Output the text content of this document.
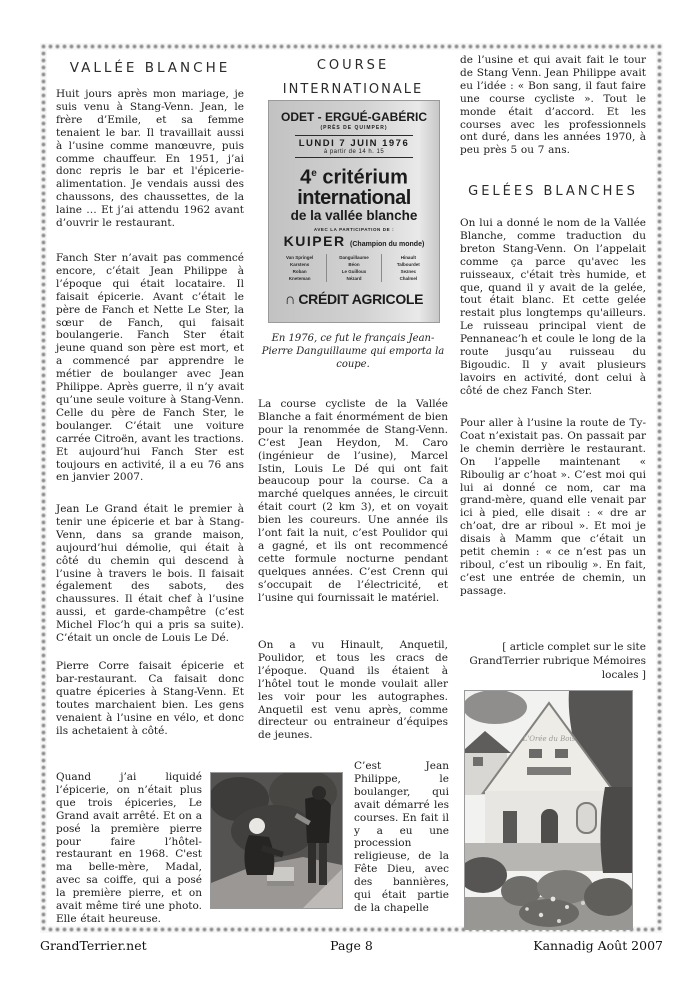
VALLÉE BLANCHE

Huit jours après mon mariage, je suis venu à Stang-Venn. Jean, le frère d’Emile, et sa femme tenaient le bar. Il travaillait aussi à l’usine comme manœuvre, puis comme chauffeur. En 1951, j’ai donc repris le bar et l'épicerie-alimentation. Je vendais aussi des chaussons, des chaussettes, de la laine … Et j’ai attendu 1962 avant d’ouvrir le restaurant.

Fanch Ster n’avait pas commencé encore, c’était Jean Philippe à l’époque qui était locataire. Il faisait épicerie. Avant c’était le père de Fanch et Nette Le Ster, la sœur de Fanch, qui faisait boulangerie. Fanch Ster était jeune quand son père est mort, et a commencé par apprendre le métier de boulanger avec Jean Philippe. Après guerre, il n’y avait qu’une seule voiture à Stang-Venn. Celle du père de Fanch Ster, le boulanger. C’était une voiture carrée Citroën, avant les tractions. Et aujourd’hui Fanch Ster est toujours en activité, il a eu 76 ans en janvier 2007.

Jean Le Grand était le premier à tenir une épicerie et bar à Stang-Venn, dans sa grande maison, aujourd’hui démolie, qui était à côté du chemin qui descend à l’usine à travers le bois. Il faisait également des sabots, des chaussures. Il était chef à l’usine aussi, et garde-champêtre (c’est Michel Floc’h qui a pris sa suite). C’était un oncle de Louis Le Dé.

Pierre Corre faisait épicerie et bar-restaurant. Ca faisait donc quatre épiceries à Stang-Venn. Et toutes marchaient bien. Les gens venaient à l’usine en vélo, et donc ils achetaient à côté.

Quand j’ai liquidé l’épicerie, on n’était plus que trois épiceries, Le Grand avait arrêté. Et on a posé la première pierre pour faire l’hôtel-restaurant en 1968. C'est ma belle-mère, Madal, avec sa coiffe, qui a posé la première pierre, et on avait même tiré une photo. Elle était heureuse.

COURSE
INTERNATIONALE
ODET - ERGUÉ-GABÉRIC
(PRÈS DE QUIMPER)
LUNDI 7 JUIN 1976
à partir de 14 h. 15
4e critérium
international
de la vallée blanche
AVEC LA PARTICIPATION DE :
KUIPER (Champion du monde)
Van Springel
Karstens
Roban
Kneteman
Danguillaume
Béon
Le Guilloux
Nézard
Hinault
Talbourdet
Seznec
Chalmel
∩ CRÉDIT AGRICOLE
En 1976, ce fut le français Jean-Pierre Danguillaume qui emporta la coupe.

La course cycliste de la Vallée Blanche a fait énormément de bien pour la renommée de Stang-Venn. C’est Jean Heydon, M. Caro (ingénieur de l’usine), Marcel Istin, Louis Le Dé qui ont fait beaucoup pour la course. Ca a marché quelques années, le circuit était court (2 km 3), et on voyait bien les coureurs. Une année ils l’ont fait la nuit, c’est Poulidor qui a gagné, et ils ont recommencé cette formule nocturne pendant quelques années. C’est Crenn qui s’occupait de l’électricité, et l’usine qui fournissait le matériel.

On a vu Hinault, Anquetil, Poulidor, et tous les cracs de l’époque. Quand ils étaient à l’hôtel tout le monde voulait aller les voir pour les autographes. Anquetil est venu après, comme directeur ou entraineur d’équipes de jeunes.

C’est Jean Philippe, le boulanger, qui avait démarré les courses. En fait il y a eu une procession religieuse, de la Fête Dieu, avec des bannières, qui était partie de la chapelle

de l’usine et qui avait fait le tour de Stang Venn. Jean Philippe avait eu l’idée : « Bon sang, il faut faire une course cycliste ». Tout le monde était d’accord. Et les courses avec les professionnels ont duré, dans les années 1970, à peu près 5 ou 7 ans.

GELÉES BLANCHES

On lui a donné le nom de la Vallée Blanche, comme traduction du breton Stang-Venn. On l’appelait comme ça parce qu'avec les ruisseaux, c'était très humide, et que, quand il y avait de la gelée, tout était blanc. Et cette gelée restait plus longtemps qu'ailleurs. Le ruisseau principal vient de Pennaneac’h et coule le long de la route jusqu’au ruisseau du Bigoudic. Il y avait plusieurs lavoirs en activité, dont celui à côté de chez Fanch Ster.

Pour aller à l’usine la route de Ty-Coat n’existait pas. On passait par le chemin derrière le restaurant. On l’appelle maintenant « Riboulig ar c’hoat ». C’est moi qui lui ai donné ce nom, car ma grand-mère, quand elle venait par ici à pied, elle disait : « dre ar ch’oat, dre ar riboul ». Et moi je disais à Mamm que c’était un petit chemin : « ce n’est pas un riboul, c’est un riboulig ». En fait, c’est une entrée de chemin, un passage.

[ article complet sur le site GrandTerrier rubrique Mémoires locales ]
L'Orée du Bois
GrandTerrier.net	Page 8	Kannadig Août 2007
